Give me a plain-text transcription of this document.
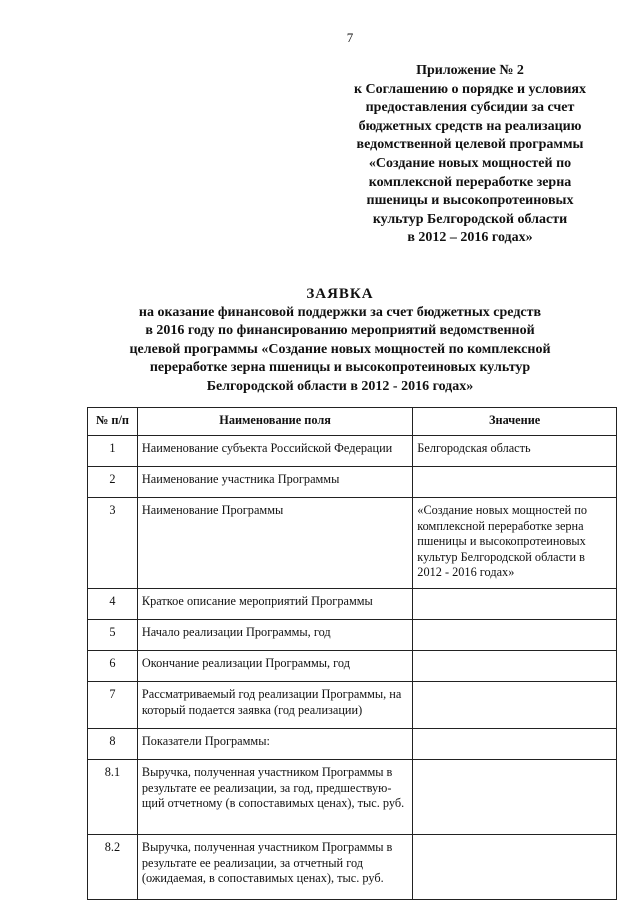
7
Приложение № 2
к Соглашению о порядке и условиях
предоставления субсидии за счет
бюджетных средств на реализацию
ведомственной целевой программы
«Создание новых мощностей по
комплексной переработке зерна
пшеницы и высокопротеиновых
культур Белгородской области
в 2012 – 2016 годах»
ЗАЯВКА
на оказание финансовой поддержки за счет бюджетных средств
в 2016 году по финансированию мероприятий ведомственной
целевой программы «Создание новых мощностей по комплексной
переработке зерна пшеницы и высокопротеиновых культур
Белгородской области в 2012 - 2016 годах»
№ п/п	Наименование поля	Значение
1	Наименование субъекта Российской Федерации	Белгородская область
2	Наименование участника Программы	
3	Наименование Программы	«Создание новых мощностей по комплексной переработке зерна пшеницы и высокопротеиновых культур Белгородской области в 2012 - 2016 годах»
4	Краткое описание мероприятий Программы	
5	Начало реализации Программы, год	
6	Окончание реализации Программы, год	
7	Рассматриваемый год реализации Программы, на который подается заявка (год реализации)	
8	Показатели Программы:	
8.1	Выручка, полученная участником Программы в результате ее реализации, за год, предшествую-щий отчетному (в сопоставимых ценах), тыс. руб.	
8.2	Выручка, полученная участником Программы в результате ее реализации, за отчетный год (ожидаемая, в сопоставимых ценах), тыс. руб.	
